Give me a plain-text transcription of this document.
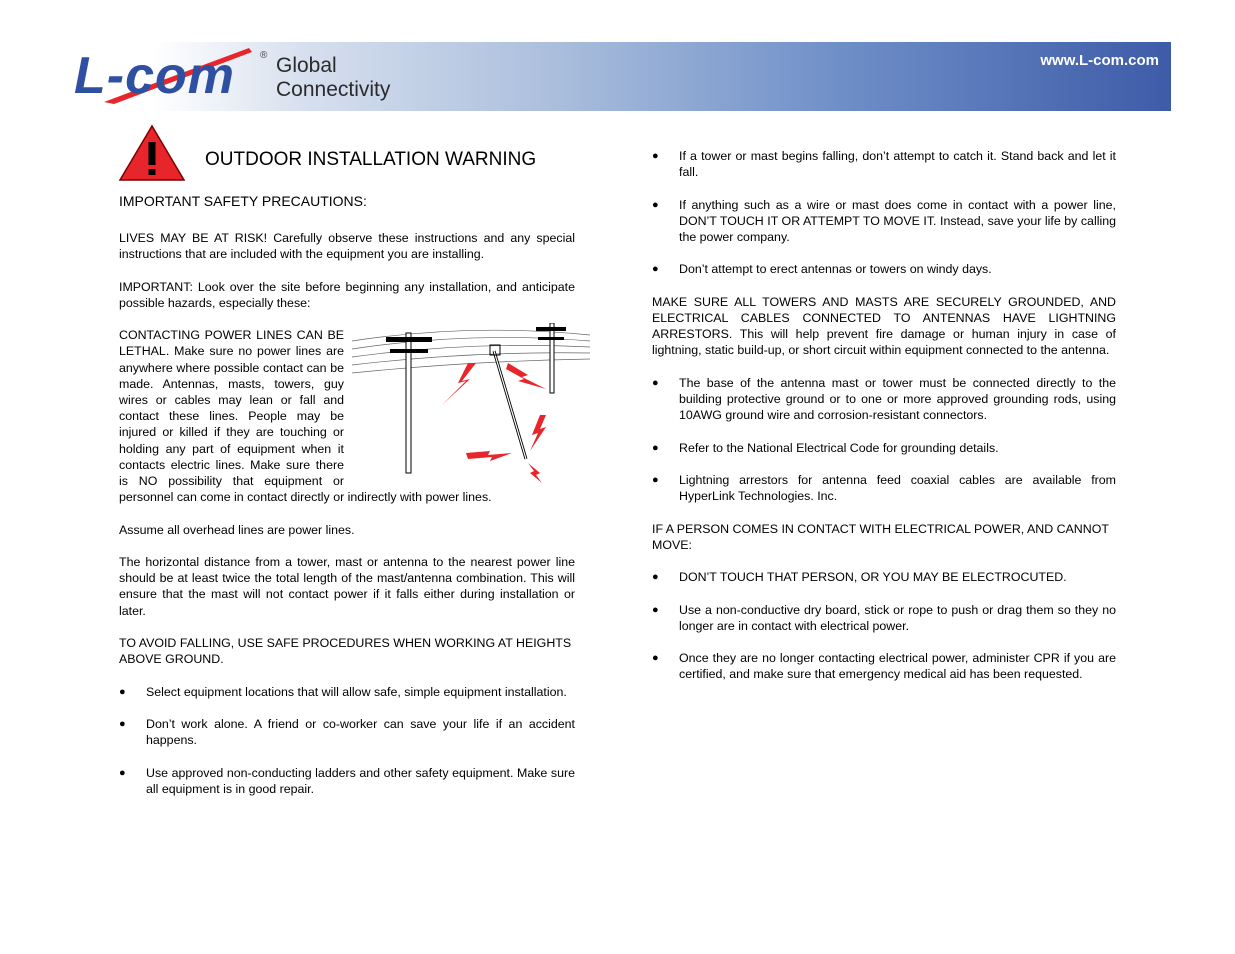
L-com	® Global
Connectivity
www.L-com.com
OUTDOOR INSTALLATION WARNING
IMPORTANT SAFETY PRECAUTIONS:

LIVES MAY BE AT RISK! Carefully observe these instructions and any special instructions that are included with the equipment you are installing.

IMPORTANT: Look over the site before beginning any installation, and anticipate possible hazards, especially these:

CONTACTING POWER LINES CAN BE LETHAL. Make sure no power lines are anywhere where possible contact can be made. Antennas, masts, towers, guy wires or cables may lean or fall and contact these lines. People may be injured or killed if they are touching or holding any part of equipment when it contacts electric lines. Make sure there is NO possibility that equipment or personnel can come in contact directly or indirectly with power lines.

Assume all overhead lines are power lines.

The horizontal distance from a tower, mast or antenna to the nearest power line should be at least twice the total length of the mast/antenna combination. This will ensure that the mast will not contact power if it falls either during installation or later.

TO AVOID FALLING, USE SAFE PROCEDURES WHEN WORKING AT HEIGHTS ABOVE GROUND.

● Select equipment locations that will allow safe, simple equipment installation.
● Don’t work alone. A friend or co-worker can save your life if an accident happens.
● Use approved non-conducting ladders and other safety equipment. Make sure all equipment is in good repair.
● If a tower or mast begins falling, don’t attempt to catch it. Stand back and let it fall.
● If anything such as a wire or mast does come in contact with a power line, DON’T TOUCH IT OR ATTEMPT TO MOVE IT. Instead, save your life by calling the power company.
● Don’t attempt to erect antennas or towers on windy days.

MAKE SURE ALL TOWERS AND MASTS ARE SECURELY GROUNDED, AND ELECTRICAL CABLES CONNECTED TO ANTENNAS HAVE LIGHTNING ARRESTORS. This will help prevent fire damage or human injury in case of lightning, static build-up, or short circuit within equipment connected to the antenna.

● The base of the antenna mast or tower must be connected directly to the building protective ground or to one or more approved grounding rods, using 10AWG ground wire and corrosion-resistant connectors.
● Refer to the National Electrical Code for grounding details.
● Lightning arrestors for antenna feed coaxial cables are available from HyperLink Technologies. Inc.

IF A PERSON COMES IN CONTACT WITH ELECTRICAL POWER, AND CANNOT MOVE:

● DON’T TOUCH THAT PERSON, OR YOU MAY BE ELECTROCUTED.
● Use a non-conductive dry board, stick or rope to push or drag them so they no longer are in contact with electrical power.
● Once they are no longer contacting electrical power, administer CPR if you are certified, and make sure that emergency medical aid has been requested.
